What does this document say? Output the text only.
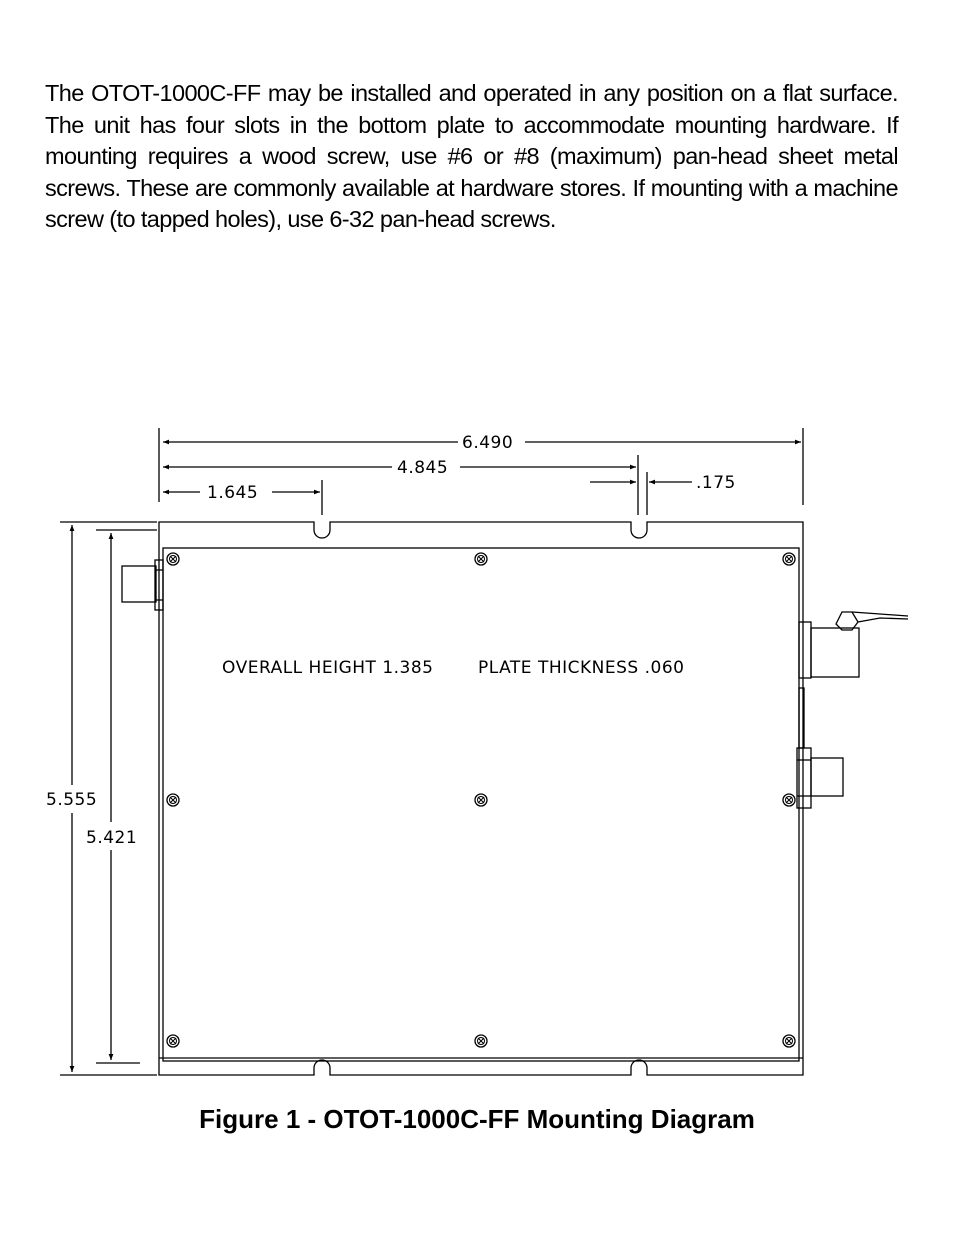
The OTOT-1000C-FF may be installed and operated in any position on a flat surface.
The unit has four slots in the bottom plate to accommodate mounting hardware. If
mounting requires a wood screw, use #6 or #8 (maximum) pan-head sheet metal
screws. These are commonly available at hardware stores. If mounting with a machine
screw (to tapped holes), use 6-32 pan-head screws.
6.490
4.845
1.645	.175
5.555
5.421
OVERALL HEIGHT 1.385	PLATE THICKNESS .060
Figure 1 - OTOT-1000C-FF Mounting Diagram
